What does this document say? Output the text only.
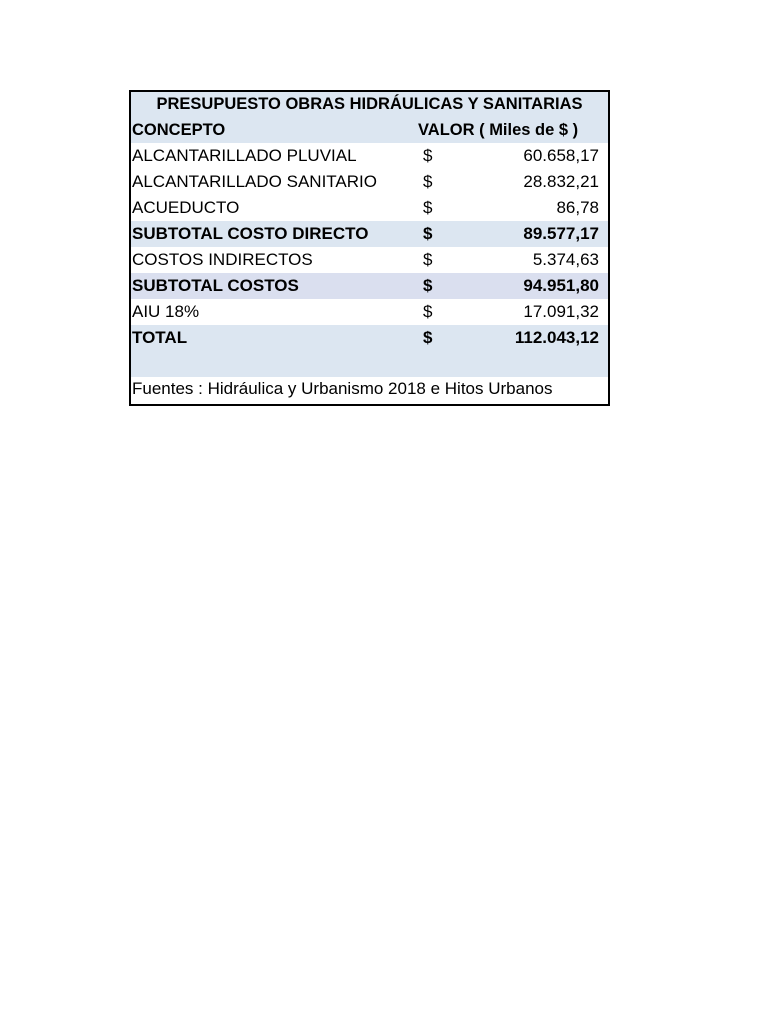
PRESUPUESTO OBRAS HIDRÁULICAS Y SANITARIAS
CONCEPTO	VALOR ( Miles de $ )
ALCANTARILLADO PLUVIAL	$	60.658,17
ALCANTARILLADO SANITARIO	$	28.832,21
ACUEDUCTO	$	86,78
SUBTOTAL COSTO DIRECTO	$	89.577,17
COSTOS INDIRECTOS	$	5.374,63
SUBTOTAL COSTOS	$	94.951,80
AIU 18%	$	17.091,32
TOTAL	$	112.043,12
Fuentes : Hidráulica y Urbanismo 2018 e Hitos Urbanos
